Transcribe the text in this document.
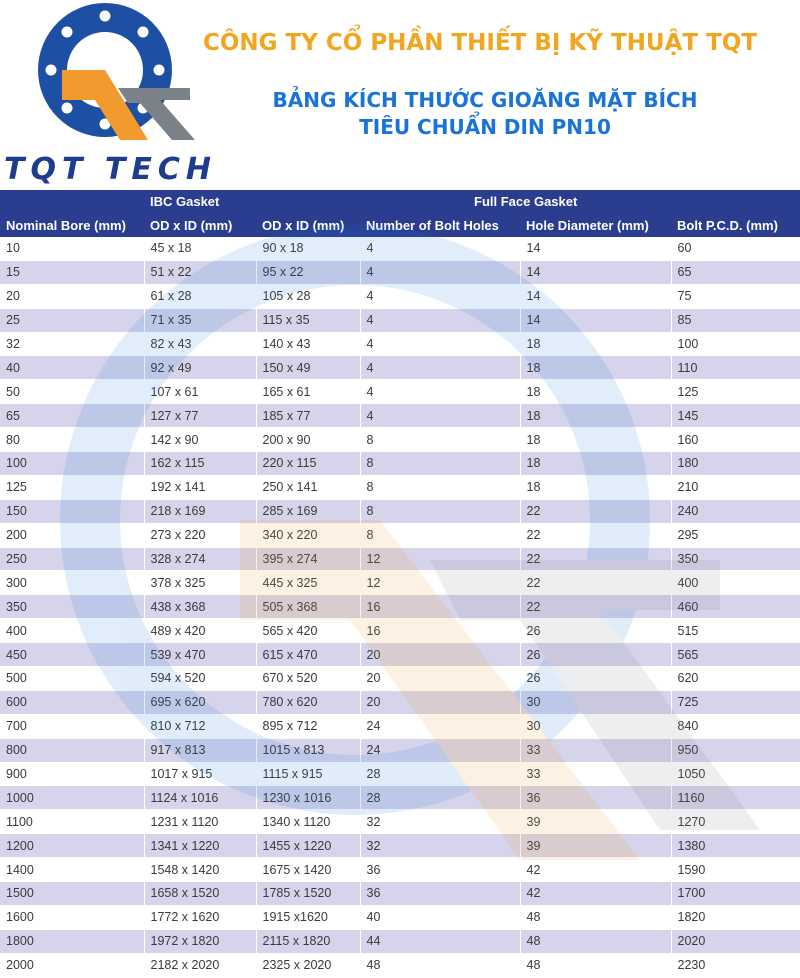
TQT TECH
CÔNG TY CỔ PHẦN THIẾT BỊ KỸ THUẬT TQT
BẢNG KÍCH THƯỚC GIOĂNG MẶT BÍCH
TIÊU CHUẨN DIN PN10
	IBC Gasket		Full Face Gasket		
Nominal Bore (mm)	OD x ID (mm)	OD x ID (mm)	Number of Bolt Holes	Hole Diameter (mm)	Bolt P.C.D. (mm)
10	45 x 18	90 x 18	4	14	60
15	51 x 22	95 x 22	4	14	65
20	61 x 28	105 x 28	4	14	75
25	71 x 35	115 x 35	4	14	85
32	82 x 43	140 x 43	4	18	100
40	92 x 49	150 x 49	4	18	110
50	107 x 61	165 x 61	4	18	125
65	127 x 77	185 x 77	4	18	145
80	142 x 90	200 x 90	8	18	160
100	162 x 115	220 x 115	8	18	180
125	192 x 141	250 x 141	8	18	210
150	218 x 169	285 x 169	8	22	240
200	273 x 220	340 x 220	8	22	295
250	328 x 274	395 x 274	12	22	350
300	378 x 325	445 x 325	12	22	400
350	438 x 368	505 x 368	16	22	460
400	489 x 420	565 x 420	16	26	515
450	539 x 470	615 x 470	20	26	565
500	594 x 520	670 x 520	20	26	620
600	695 x 620	780 x 620	20	30	725
700	810 x 712	895 x 712	24	30	840
800	917 x 813	1015 x 813	24	33	950
900	1017 x 915	1115 x 915	28	33	1050
1000	1124 x 1016	1230 x 1016	28	36	1160
1100	1231 x 1120	1340 x 1120	32	39	1270
1200	1341 x 1220	1455 x 1220	32	39	1380
1400	1548 x 1420	1675 x 1420	36	42	1590
1500	1658 x 1520	1785 x 1520	36	42	1700
1600	1772 x 1620	1915 x1620	40	48	1820
1800	1972 x 1820	2115 x 1820	44	48	2020
2000	2182 x 2020	2325 x 2020	48	48	2230
